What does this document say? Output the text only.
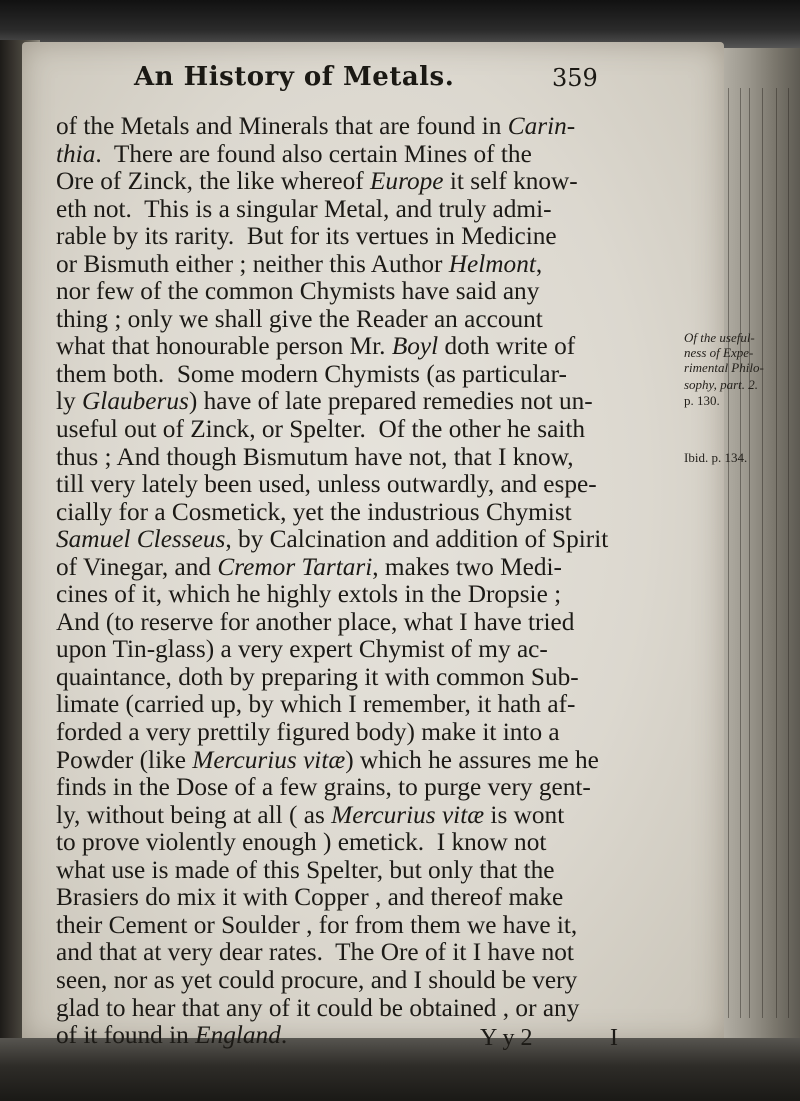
An History of Metals.	359
of the Metals and Minerals that are found in Carin-
thia.  There are found also certain Mines of the
Ore of Zinck, the like whereof Europe it self know-
eth not.  This is a singular Metal, and truly admi-
rable by its rarity.  But for its vertues in Medicine
or Bismuth either ; neither this Author Helmont,
nor few of the common Chymists have said any
thing ; only we shall give the Reader an account
what that honourable person Mr. Boyl doth write of
them both.  Some modern Chymists (as particular-
ly Glauberus) have of late prepared remedies not un-
useful out of Zinck, or Spelter.  Of the other he saith
thus ; And though Bismutum have not, that I know,
till very lately been used, unless outwardly, and espe-
cially for a Cosmetick, yet the industrious Chymist
Samuel Clesseus, by Calcination and addition of Spirit
of Vinegar, and Cremor Tartari, makes two Medi-
cines of it, which he highly extols in the Dropsie ;
And (to reserve for another place, what I have tried
upon Tin-glass) a very expert Chymist of my ac-
quaintance, doth by preparing it with common Sub-
limate (carried up, by which I remember, it hath af-
forded a very prettily figured body) make it into a
Powder (like Mercurius vitæ) which he assures me he
finds in the Dose of a few grains, to purge very gent-
ly, without being at all ( as Mercurius vitæ is wont
to prove violently enough ) emetick.  I know not
what use is made of this Spelter, but only that the
Brasiers do mix it with Copper , and thereof make
their Cement or Soulder , for from them we have it,
and that at very dear rates.  The Ore of it I have not
seen, nor as yet could procure, and I should be very
glad to hear that any of it could be obtained , or any
of it found in England.
Of the useful-
ness of Expe-
rimental Philo-
sophy, part. 2.
p. 130.
Ibid. p. 134.
Y y 2	I
